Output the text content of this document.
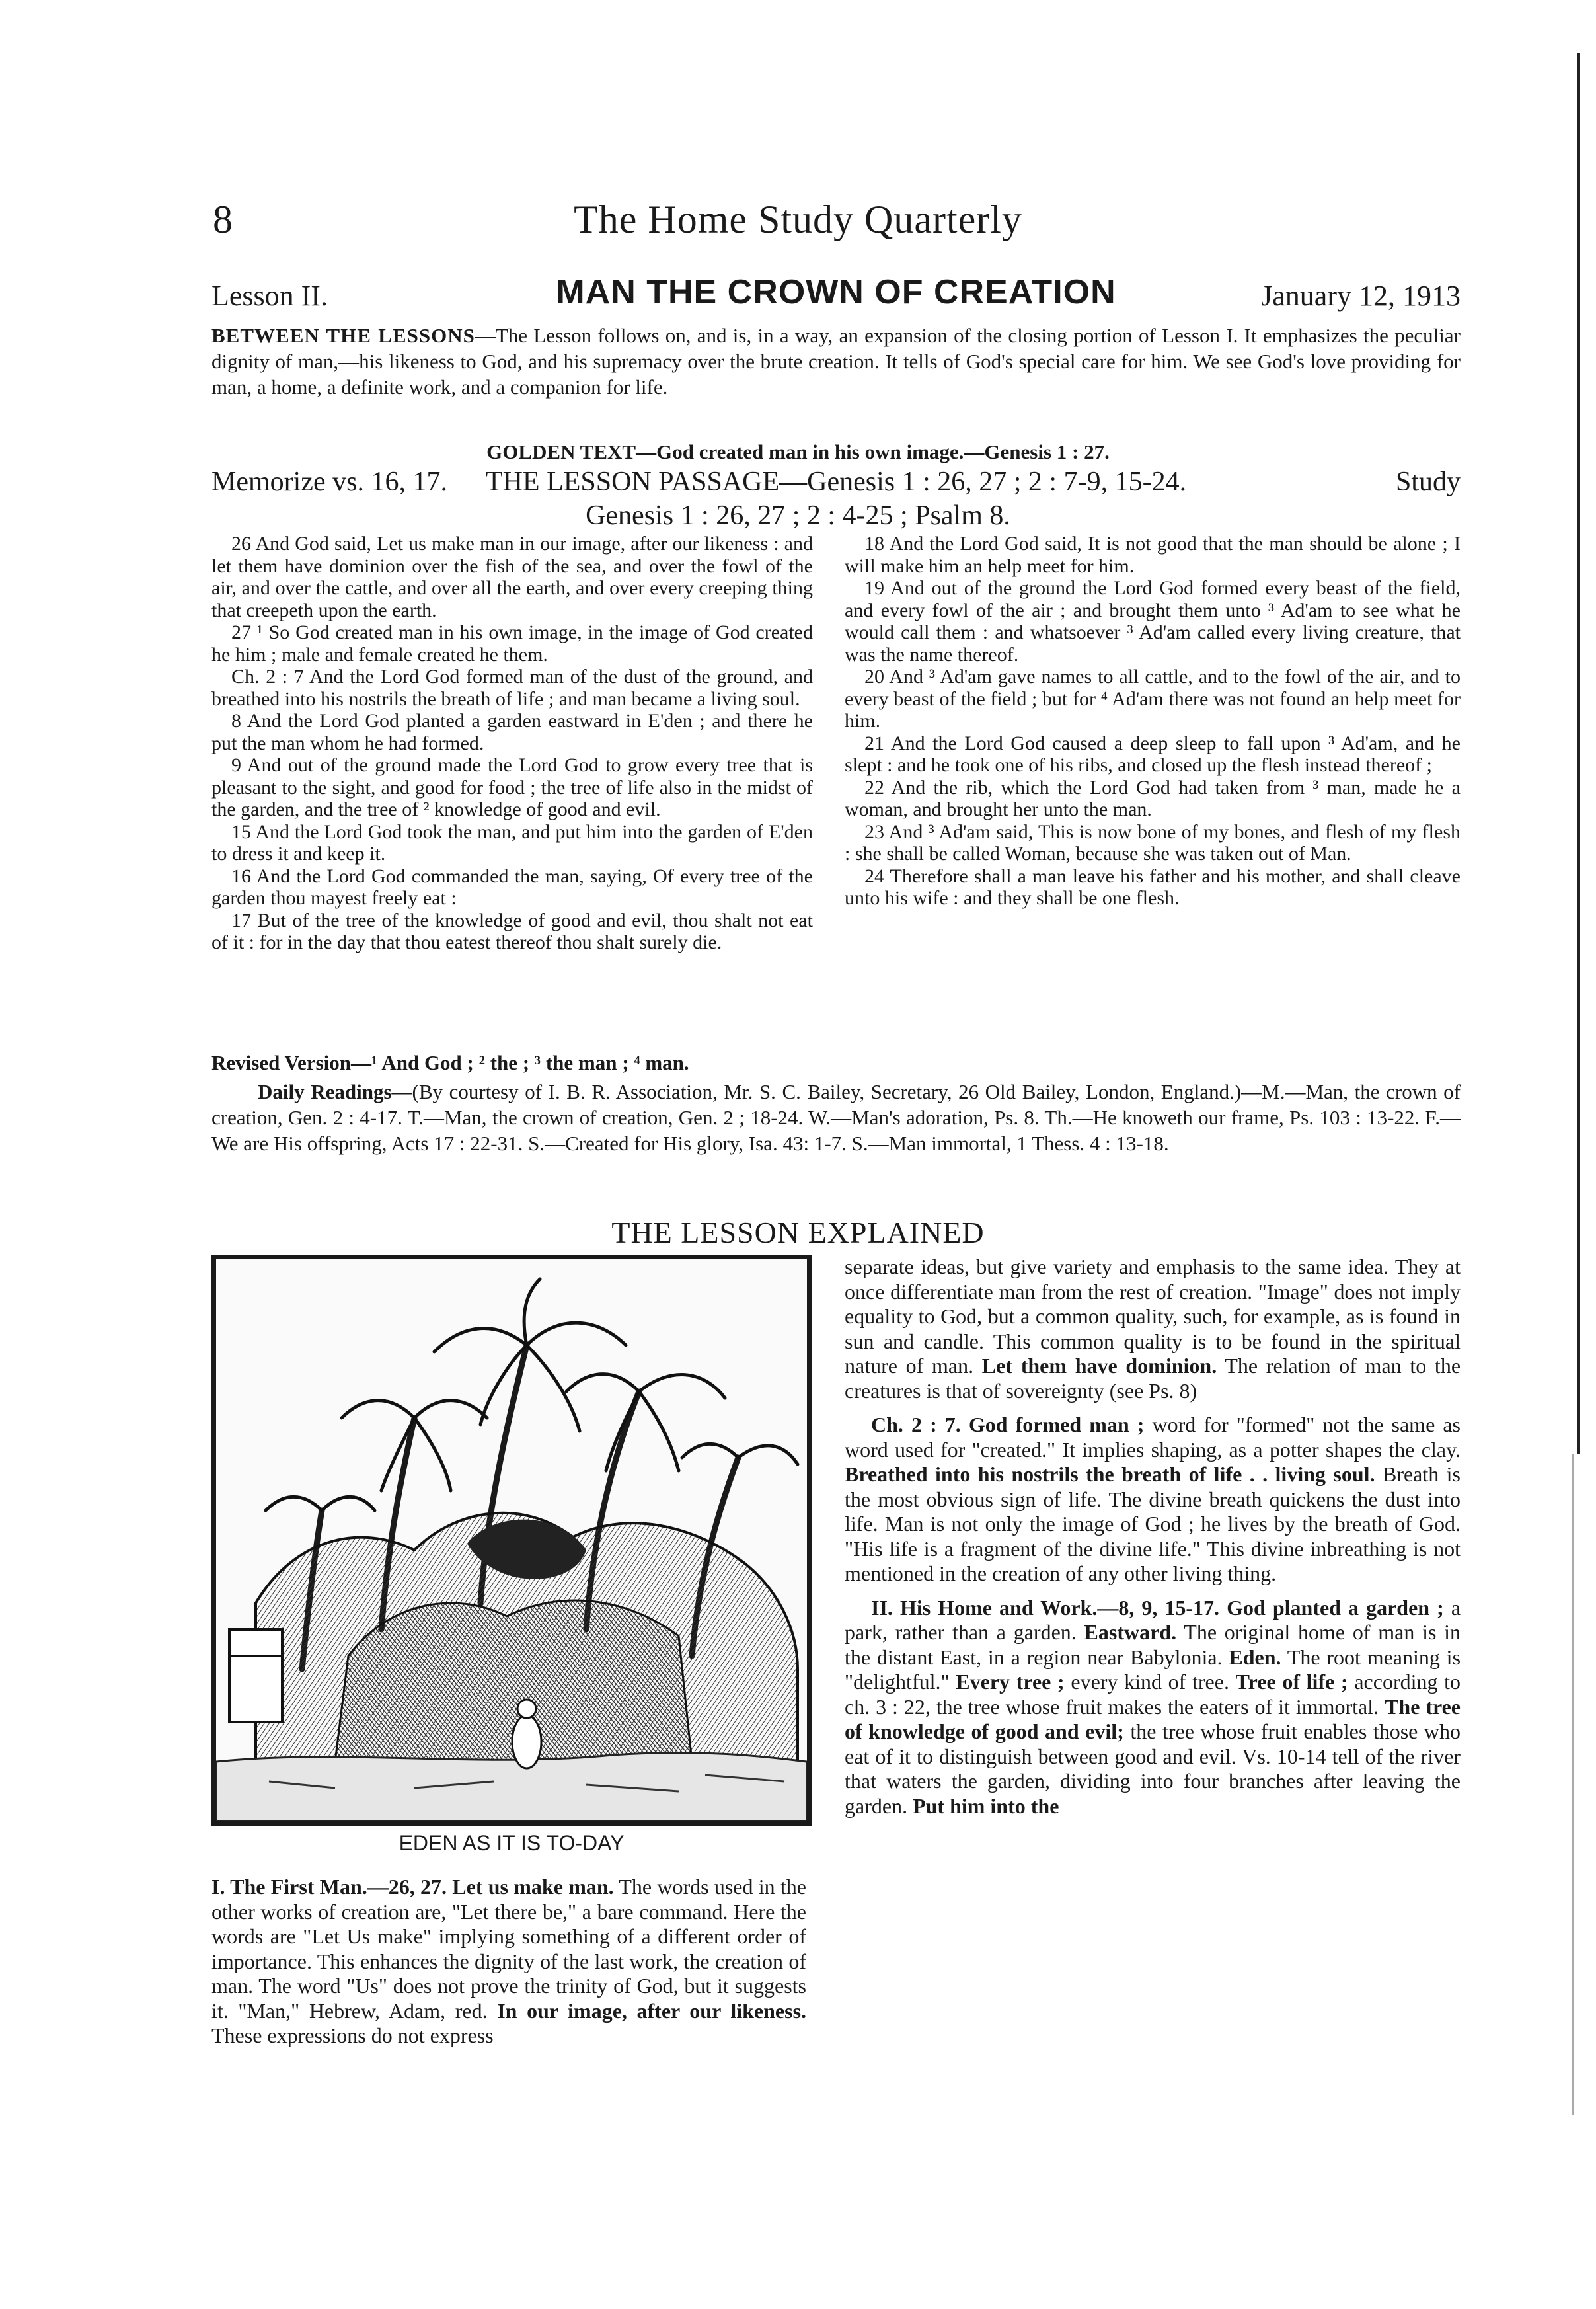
8	The Home Study Quarterly
Lesson II.	MAN THE CROWN OF CREATION	January 12, 1913
BETWEEN THE LESSONS—The Lesson follows on, and is, in a way, an expansion of the closing portion of Lesson I. It emphasizes the peculiar dignity of man,—his likeness to God, and his supremacy over the brute creation. It tells of God's special care for him. We see God's love providing for man, a home, a definite work, and a companion for life.
GOLDEN TEXT—God created man in his own image.—Genesis 1 : 27.
Memorize vs. 16, 17.	THE LESSON PASSAGE—Genesis 1 : 26, 27 ; 2 : 7-9, 15-24.	Study
Genesis 1 : 26, 27 ; 2 : 4-25 ; Psalm 8.

26 And God said, Let us make man in our image, after our likeness : and let them have dominion over the fish of the sea, and over the fowl of the air, and over the cattle, and over all the earth, and over every creeping thing that creepeth upon the earth.

27 ¹ So God created man in his own image, in the image of God created he him ; male and female created he them.

Ch. 2 : 7 And the Lord God formed man of the dust of the ground, and breathed into his nostrils the breath of life ; and man became a living soul.

8 And the Lord God planted a garden eastward in E'den ; and there he put the man whom he had formed.

9 And out of the ground made the Lord God to grow every tree that is pleasant to the sight, and good for food ; the tree of life also in the midst of the garden, and the tree of ² knowledge of good and evil.

15 And the Lord God took the man, and put him into the garden of E'den to dress it and keep it.

16 And the Lord God commanded the man, saying, Of every tree of the garden thou mayest freely eat :

17 But of the tree of the knowledge of good and evil, thou shalt not eat of it : for in the day that thou eatest thereof thou shalt surely die.

18 And the Lord God said, It is not good that the man should be alone ; I will make him an help meet for him.

19 And out of the ground the Lord God formed every beast of the field, and every fowl of the air ; and brought them unto ³ Ad'am to see what he would call them : and whatsoever ³ Ad'am called every living creature, that was the name thereof.

20 And ³ Ad'am gave names to all cattle, and to the fowl of the air, and to every beast of the field ; but for ⁴ Ad'am there was not found an help meet for him.

21 And the Lord God caused a deep sleep to fall upon ³ Ad'am, and he slept : and he took one of his ribs, and closed up the flesh instead thereof ;

22 And the rib, which the Lord God had taken from ³ man, made he a woman, and brought her unto the man.

23 And ³ Ad'am said, This is now bone of my bones, and flesh of my flesh : she shall be called Woman, because she was taken out of Man.

24 Therefore shall a man leave his father and his mother, and shall cleave unto his wife : and they shall be one flesh.

Revised Version—¹ And God ; ² the ; ³ the man ; ⁴ man.
Daily Readings—(By courtesy of I. B. R. Association, Mr. S. C. Bailey, Secretary, 26 Old Bailey, London, England.)—M.—Man, the crown of creation, Gen. 2 : 4-17. T.—Man, the crown of creation, Gen. 2 ; 18-24. W.—Man's adoration, Ps. 8. Th.—He knoweth our frame, Ps. 103 : 13-22. F.—We are His offspring, Acts 17 : 22-31. S.—Created for His glory, Isa. 43: 1-7. S.—Man immortal, 1 Thess. 4 : 13-18.
THE LESSON EXPLAINED
EDEN AS IT IS TO-DAY

I. The First Man.—26, 27. Let us make man. The words used in the other works of creation are, "Let there be," a bare command. Here the words are "Let Us make" implying something of a different order of importance. This enhances the dignity of the last work, the creation of man. The word "Us" does not prove the trinity of God, but it suggests it. "Man," Hebrew, Adam, red. In our image, after our likeness. These expressions do not express

separate ideas, but give variety and emphasis to the same idea. They at once differentiate man from the rest of creation. "Image" does not imply equality to God, but a common quality, such, for example, as is found in sun and candle. This common quality is to be found in the spiritual nature of man. Let them have dominion. The relation of man to the creatures is that of sovereignty (see Ps. 8)

Ch. 2 : 7. God formed man ; word for "formed" not the same as word used for "created." It implies shaping, as a potter shapes the clay. Breathed into his nostrils the breath of life . . living soul. Breath is the most obvious sign of life. The divine breath quickens the dust into life. Man is not only the image of God ; he lives by the breath of God. "His life is a fragment of the divine life." This divine inbreathing is not mentioned in the creation of any other living thing.

II. His Home and Work.—8, 9, 15-17. God planted a garden ; a park, rather than a garden. Eastward. The original home of man is in the distant East, in a region near Babylonia. Eden. The root meaning is "delightful." Every tree ; every kind of tree. Tree of life ; according to ch. 3 : 22, the tree whose fruit makes the eaters of it immortal. The tree of knowledge of good and evil; the tree whose fruit enables those who eat of it to distinguish between good and evil. Vs. 10-14 tell of the river that waters the garden, dividing into four branches after leaving the garden. Put him into the
